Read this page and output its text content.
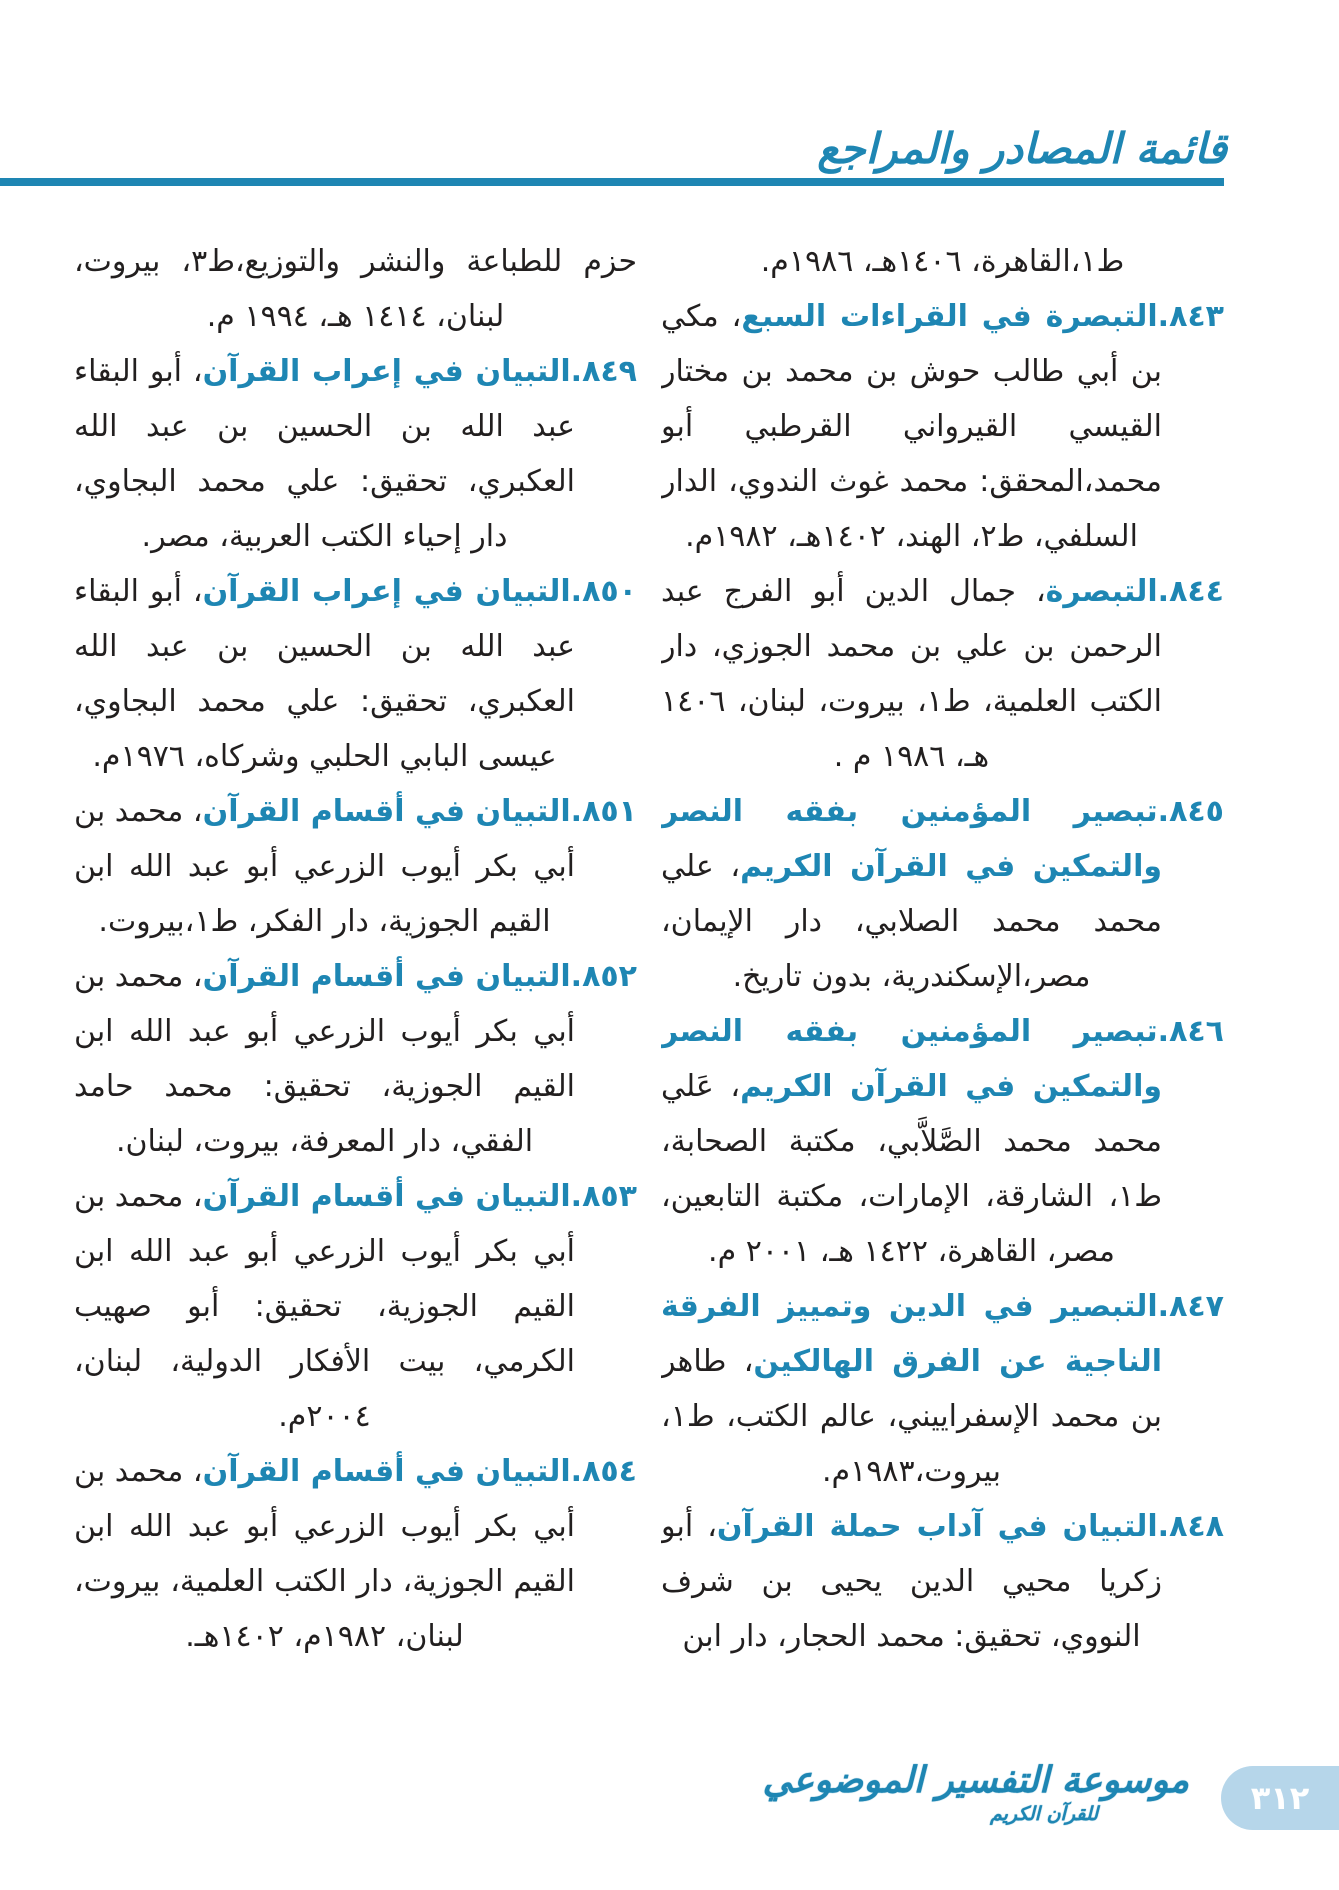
قائمة المصادر والمراجع

ط١،القاهرة، ١٤٠٦هـ، ١٩٨٦م.

٨٤٣ .التبصرة في القراءات السبع، مكي بن أبي طالب حوش بن محمد بن مختار القيسي القيرواني القرطبي أبو محمد،المحقق: محمد غوث الندوي، الدار السلفي، ط٢، الهند، ١٤٠٢هـ، ١٩٨٢م.

٨٤٤ .التبصرة، جمال الدين أبو الفرج عبد الرحمن بن علي بن محمد الجوزي، دار الكتب العلمية، ط١، بيروت، لبنان، ١٤٠٦ هـ، ١٩٨٦ م .

٨٤٥ .تبصير المؤمنين بفقه النصر والتمكين في القرآن الكريم، علي محمد محمد الصلابي، دار الإيمان، مصر،الإسكندرية، بدون تاريخ.

٨٤٦ .تبصير المؤمنين بفقه النصر والتمكين في القرآن الكريم، عَلي محمد محمد الصَّلاَّبي، مكتبة الصحابة، ط١، الشارقة، الإمارات، مكتبة التابعين، مصر، القاهرة، ١٤٢٢ هـ، ٢٠٠١ م.

٨٤٧ .التبصير في الدين وتمييز الفرقة الناجية عن الفرق الهالكين، طاهر بن محمد الإسفراييني، عالم الكتب، ط١، بيروت،١٩٨٣م.

٨٤٨ .التبيان في آداب حملة القرآن، أبو زكريا محيي الدين يحيى بن شرف النووي، تحقيق: محمد الحجار، دار ابن

حزم للطباعة والنشر والتوزيع،ط٣، بيروت، لبنان، ١٤١٤ هـ، ١٩٩٤ م.

٨٤٩ .التبيان في إعراب القرآن، أبو البقاء عبد الله بن الحسين بن عبد الله العكبري، تحقيق: علي محمد البجاوي، دار إحياء الكتب العربية، مصر.

٨٥٠ .التبيان في إعراب القرآن، أبو البقاء عبد الله بن الحسين بن عبد الله العكبري، تحقيق: علي محمد البجاوي، عيسى البابي الحلبي وشركاه، ١٩٧٦م.

٨٥١ .التبيان في أقسام القرآن، محمد بن أبي بكر أيوب الزرعي أبو عبد الله ابن القيم الجوزية، دار الفكر، ط١،بيروت.

٨٥٢ .التبيان في أقسام القرآن، محمد بن أبي بكر أيوب الزرعي أبو عبد الله ابن القيم الجوزية، تحقيق: محمد حامد الفقي، دار المعرفة، بيروت، لبنان.

٨٥٣ .التبيان في أقسام القرآن، محمد بن أبي بكر أيوب الزرعي أبو عبد الله ابن القيم الجوزية، تحقيق: أبو صهيب الكرمي، بيت الأفكار الدولية، لبنان، ٢٠٠٤م.

٨٥٤ .التبيان في أقسام القرآن، محمد بن أبي بكر أيوب الزرعي أبو عبد الله ابن القيم الجوزية، دار الكتب العلمية، بيروت، لبنان، ١٩٨٢م، ١٤٠٢هـ.

موسوعة التفسير الموضوعي
للقرآن الكريم	٣١٢
